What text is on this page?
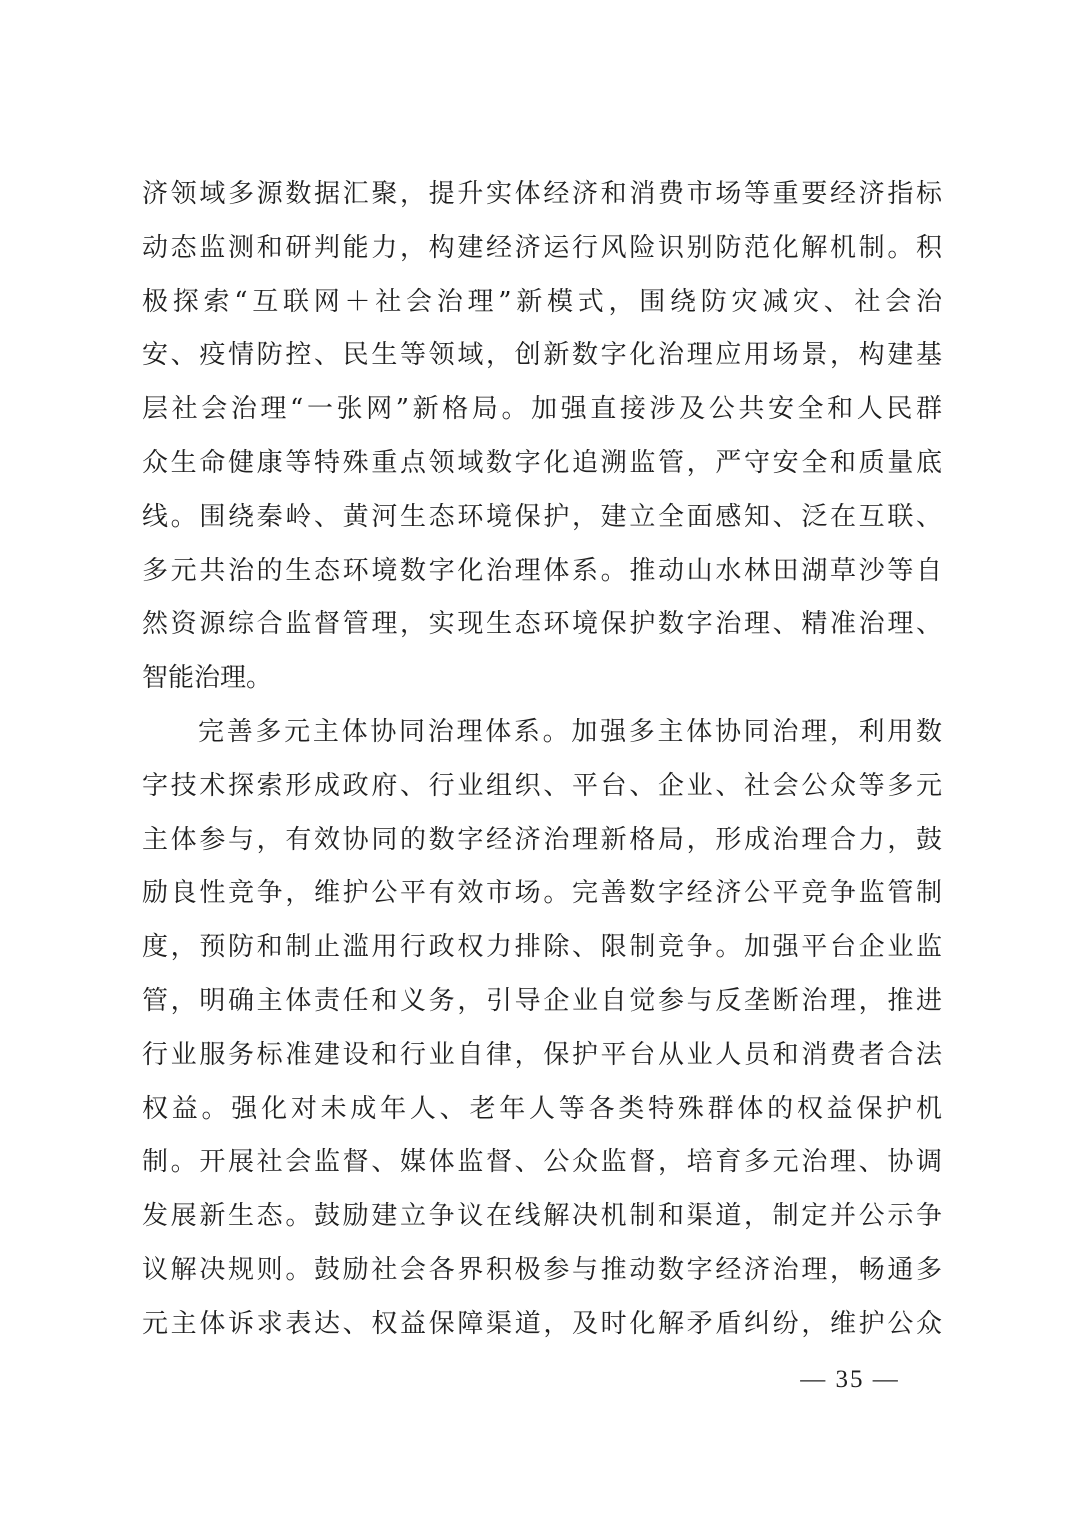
济领域多源数据汇聚，提升实体经济和消费市场等重要经济指标
动态监测和研判能力，构建经济运行风险识别防范化解机制。积
极探索“互联网＋社会治理”新模式，围绕防灾减灾、社会治
安、疫情防控、民生等领域，创新数字化治理应用场景，构建基
层社会治理“一张网”新格局。加强直接涉及公共安全和人民群
众生命健康等特殊重点领域数字化追溯监管，严守安全和质量底
线。围绕秦岭、黄河生态环境保护，建立全面感知、泛在互联、
多元共治的生态环境数字化治理体系。推动山水林田湖草沙等自
然资源综合监督管理，实现生态环境保护数字治理、精准治理、
智能治理。
完善多元主体协同治理体系。加强多主体协同治理，利用数
字技术探索形成政府、行业组织、平台、企业、社会公众等多元
主体参与，有效协同的数字经济治理新格局，形成治理合力，鼓
励良性竞争，维护公平有效市场。完善数字经济公平竞争监管制
度，预防和制止滥用行政权力排除、限制竞争。加强平台企业监
管，明确主体责任和义务，引导企业自觉参与反垄断治理，推进
行业服务标准建设和行业自律，保护平台从业人员和消费者合法
权益。强化对未成年人、老年人等各类特殊群体的权益保护机
制。开展社会监督、媒体监督、公众监督，培育多元治理、协调
发展新生态。鼓励建立争议在线解决机制和渠道，制定并公示争
议解决规则。鼓励社会各界积极参与推动数字经济治理，畅通多
元主体诉求表达、权益保障渠道，及时化解矛盾纠纷，维护公众
— 35 —
